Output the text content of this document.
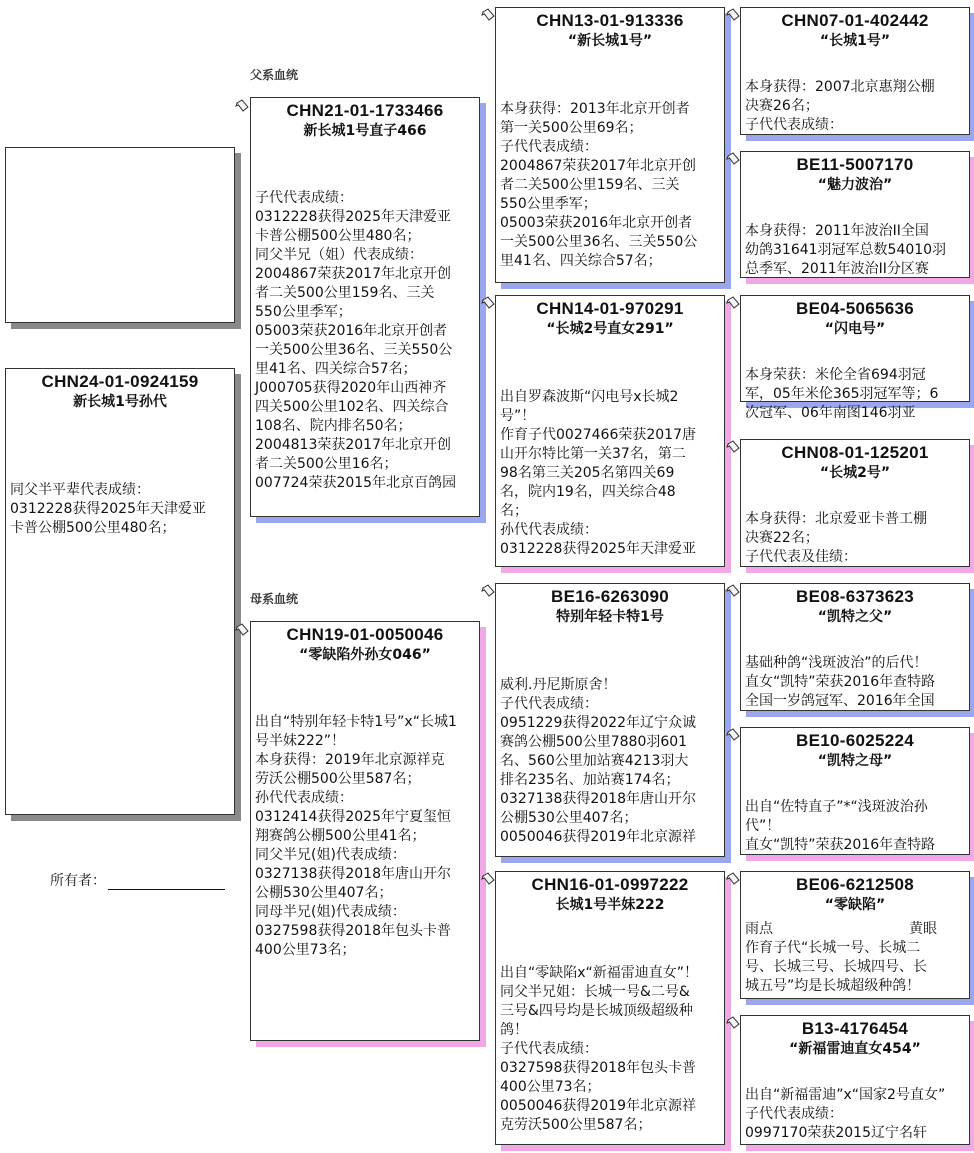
CHN24-01-0924159
新长城1号孙代
同父半平辈代表成绩：
0312228获得2025年天津爱亚
卡普公棚500公里480名；
父系血统
母系血统
CHN21-01-1733466
新长城1号直子466
子代代表成绩：
0312228获得2025年天津爱亚
卡普公棚500公里480名；
同父半兄（姐）代表成绩：
2004867荣获2017年北京开创
者二关500公里159名、三关
550公里季军；
05003荣获2016年北京开创者
一关500公里36名、三关550公
里41名、四关综合57名；
J000705获得2020年山西神齐
四关500公里102名、四关综合
108名、院内排名50名；
2004813荣获2017年北京开创
者二关500公里16名；
007724荣获2015年北京百鸽园
CHN19-01-0050046
“零缺陷外孙女046”
出自“特别年轻卡特1号”x“长城1
号半妹222”！
本身获得：2019年北京源祥克
劳沃公棚500公里587名；
孙代代表成绩：
0312414获得2025年宁夏玺恒
翔赛鸽公棚500公里41名；
同父半兄(姐)代表成绩：
0327138获得2018年唐山开尔
公棚530公里407名；
同母半兄(姐)代表成绩：
0327598获得2018年包头卡普
400公里73名；
所有者：
CHN13-01-913336
“新长城1号”
本身获得：2013年北京开创者
第一关500公里69名；
子代代表成绩：
2004867荣获2017年北京开创
者二关500公里159名、三关
550公里季军；
05003荣获2016年北京开创者
一关500公里36名、三关550公
里41名、四关综合57名；
CHN14-01-970291
“长城2号直女291”
出自罗森波斯“闪电号x长城2
号”！
作育子代0027466荣获2017唐
山开尔特比第一关37名，第二
98名第三关205名第四关69
名，院内19名，四关综合48
名；
孙代代表成绩：
0312228获得2025年天津爱亚
BE16-6263090
特别年轻卡特1号
威利.丹尼斯原舍！
子代代表成绩：
0951229获得2022年辽宁众诚
赛鸽公棚500公里7880羽601
名、560公里加站赛4213羽大
排名235名、加站赛174名；
0327138获得2018年唐山开尔
公棚530公里407名；
0050046获得2019年北京源祥
CHN16-01-0997222
长城1号半妹222
出自“零缺陷x“新福雷迪直女”！
同父半兄姐：长城一号&二号&
三号&四号均是长城顶级超级种
鸽！
子代代表成绩：
0327598获得2018年包头卡普
400公里73名；
0050046获得2019年北京源祥
克劳沃500公里587名；
CHN07-01-402442
“长城1号”
本身获得：2007北京惠翔公棚
决赛26名；
子代代表成绩：
BE11-5007170
“魅力波治”
本身获得：2011年波治II全国
幼鸽31641羽冠军总数54010羽
总季军、2011年波治II分区赛
BE04-5065636
“闪电号”
本身荣获：米伦全省694羽冠
军，05年米伦365羽冠军等；6
次冠军、06年南图146羽亚
CHN08-01-125201
“长城2号”
本身获得：北京爱亚卡普工棚
决赛22名；
子代代表及佳绩：
BE08-6373623
“凯特之父”
基础种鸽“浅斑波治”的后代！
直女“凯特”荣获2016年查特路
全国一岁鸽冠军、2016年全国
BE10-6025224
“凯特之母”
出自“佐特直子”*“浅斑波治孙
代”！
直女“凯特”荣获2016年查特路
BE06-6212508
“零缺陷”
雨点	黄眼
作育子代“长城一号、长城二
号、长城三号、长城四号、长
城五号”均是长城超级种鸽！
B13-4176454
“新福雷迪直女454”
出自“新福雷迪”x“国家2号直女”
子代代表成绩：
0997170荣获2015辽宁名轩
